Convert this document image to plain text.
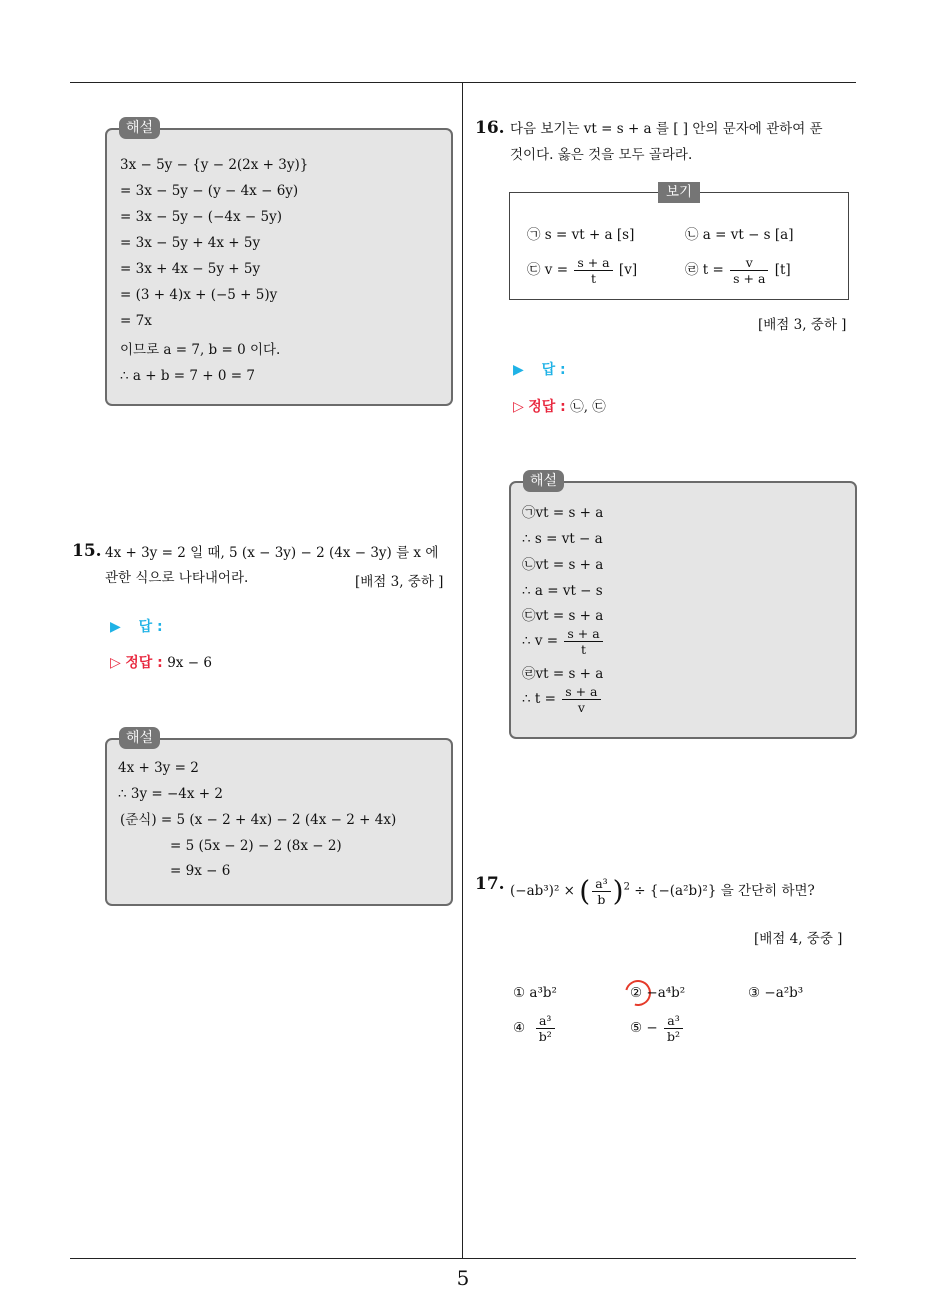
5
해설
3x − 5y − {y − 2(2x + 3y)}
= 3x − 5y − (y − 4x − 6y)
= 3x − 5y − (−4x − 5y)
= 3x − 5y + 4x + 5y
= 3x + 4x − 5y + 5y
= (3 + 4)x + (−5 + 5)y
= 7x
이므로 a = 7, b = 0 이다.
∴ a + b = 7 + 0 = 7
15. 4x + 3y = 2 일 때, 5 (x − 3y) − 2 (4x − 3y) 를 x 에
관한 식으로 나타내어라.	[배점 3, 중하 ]
▶ 답 :
▷ 정답 : 9x − 6
해설
4x + 3y = 2
∴ 3y = −4x + 2
(준식) = 5 (x − 2 + 4x) − 2 (4x − 2 + 4x)
= 5 (5x − 2) − 2 (8x − 2)
= 9x − 6
16. 다음 보기는 vt = s + a 를 [ ] 안의 문자에 관하여 푼
것이다. 옳은 것을 모두 골라라.
보기
㉠ s = vt + a [s]	㉡ a = vt − s [a]
㉢ $v = \frac{s + a}{t} [v]$	㉣ $t = \frac{v}{s + a} [t]$
[배점 3, 중하 ]
▶ 답 :
▷ 정답 : ㉡, ㉢
해설
㉠vt = s + a
∴ s = vt − a
㉡vt = s + a
∴ a = vt − s
㉢vt = s + a
∴ $v = \frac{s + a}{t}$
㉣vt = s + a
∴ $t = \frac{s + a}{v}$
17. (−ab³)² × ( $\frac{\text{a³}}{b} )^2 \div \{-(a^2b)^2\}$ 을 간단히 하면?
[배점 4, 중중 ]
① a³b²	② −a⁴b²	③ −a²b³
④ $\frac{\text{a³}}{\text{b²}}$	⑤ − $\frac{\text{a³}}{\text{b²}}$
